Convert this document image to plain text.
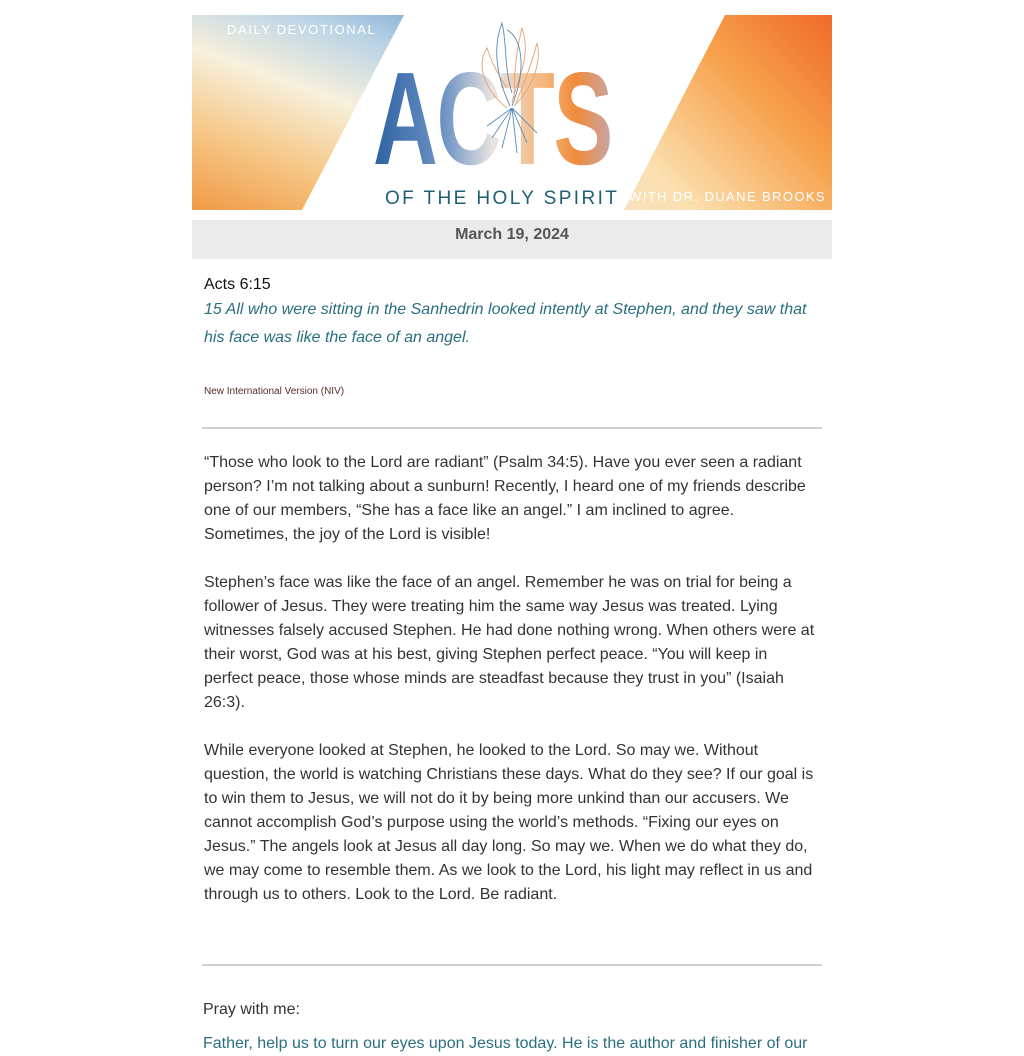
DAILY DEVOTIONAL
ACTS
OF THE HOLY SPIRIT WITH DR. DUANE BROOKS
March 19, 2024
Acts 6:15
15 All who were sitting in the Sanhedrin looked intently at Stephen, and they saw that his face was like the face of an angel.
New International Version (NIV)

“Those who look to the Lord are radiant” (Psalm 34:5). Have you ever seen a radiant person? I’m not talking about a sunburn! Recently, I heard one of my friends describe one of our members, “She has a face like an angel.” I am inclined to agree. Sometimes, the joy of the Lord is visible!

Stephen’s face was like the face of an angel. Remember he was on trial for being a follower of Jesus. They were treating him the same way Jesus was treated. Lying witnesses falsely accused Stephen. He had done nothing wrong. When others were at their worst, God was at his best, giving Stephen perfect peace. “You will keep in perfect peace, those whose minds are steadfast because they trust in you” (Isaiah 26:3).

While everyone looked at Stephen, he looked to the Lord. So may we. Without question, the world is watching Christians these days. What do they see? If our goal is to win them to Jesus, we will not do it by being more unkind than our accusers. We cannot accomplish God’s purpose using the world’s methods. “Fixing our eyes on Jesus.” The angels look at Jesus all day long. So may we. When we do what they do, we may come to resemble them. As we look to the Lord, his light may reflect in us and through us to others. Look to the Lord. Be radiant.

Pray with me:
Father, help us to turn our eyes upon Jesus today. He is the author and finisher of our
